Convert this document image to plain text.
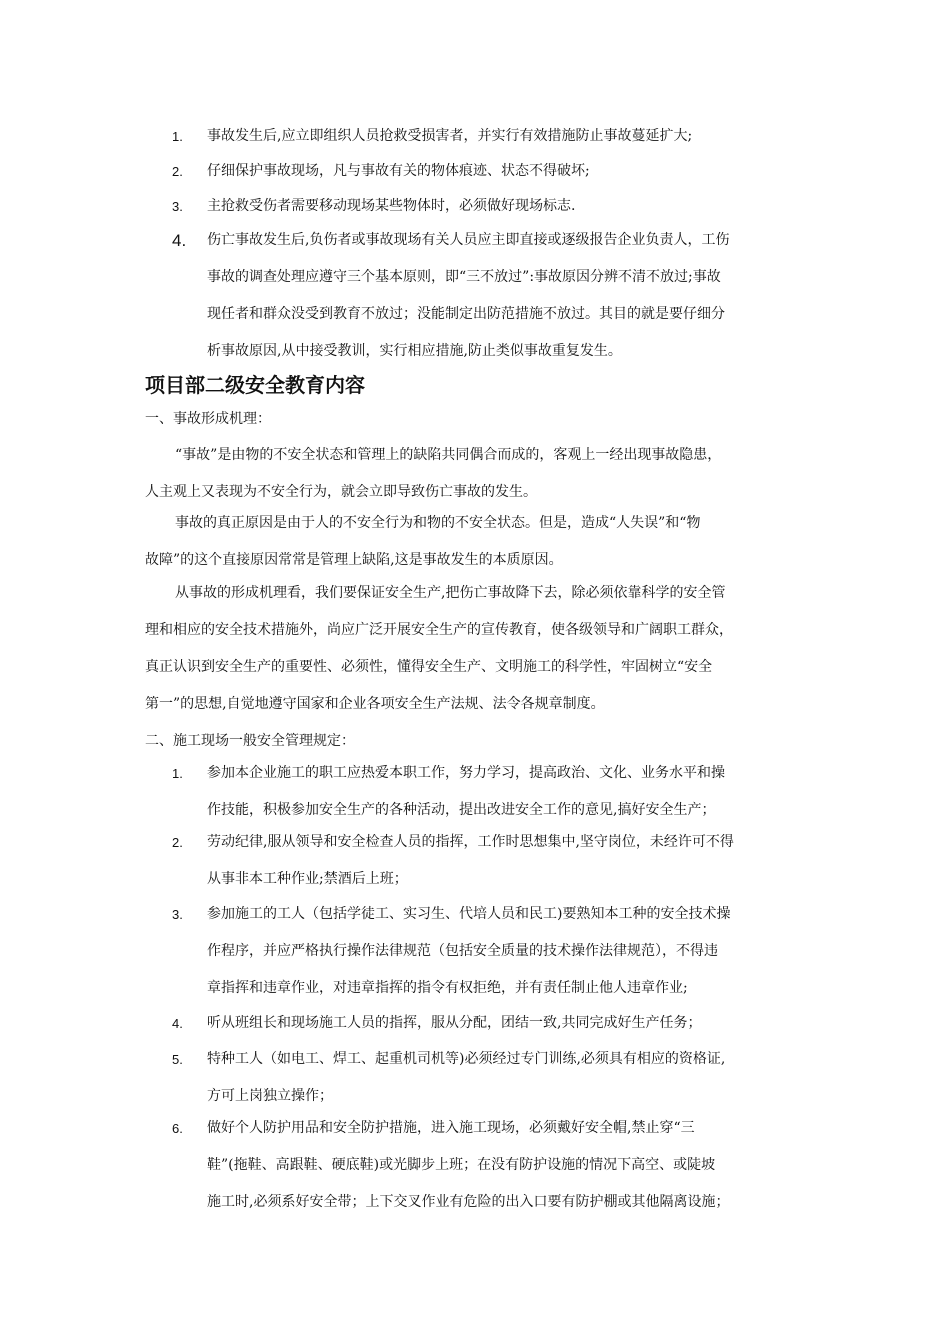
1.	事故发生后,应立即组织人员抢救受损害者，并实行有效措施防止事故蔓延扩大;
2.	仔细保护事故现场，凡与事故有关的物体痕迹、状态不得破坏;
3.	主抢救受伤者需要移动现场某些物体时，必须做好现场标志.
4.	伤亡事故发生后,负伤者或事故现场有关人员应主即直接或逐级报告企业负责人，工伤
事故的调查处理应遵守三个基本原则，即“三不放过”:事故原因分辨不清不放过;事故
现任者和群众没受到教育不放过；没能制定出防范措施不放过。其目的就是要仔细分
析事故原因,从中接受教训，实行相应措施,防止类似事故重复发生。
项目部二级安全教育内容
一、事故形成机理：
“事故”是由物的不安全状态和管理上的缺陷共同偶合而成的，客观上一经出现事故隐患，
人主观上又表现为不安全行为，就会立即导致伤亡事故的发生。
事故的真正原因是由于人的不安全行为和物的不安全状态。但是，造成“人失误”和“物
故障”的这个直接原因常常是管理上缺陷,这是事故发生的本质原因。
从事故的形成机理看，我们要保证安全生产,把伤亡事故降下去，除必须依靠科学的安全管
理和相应的安全技术措施外，尚应广泛开展安全生产的宣传教育，使各级领导和广阔职工群众，
真正认识到安全生产的重要性、必须性，懂得安全生产、文明施工的科学性，牢固树立“安全
第一”的思想,自觉地遵守国家和企业各项安全生产法规、法令各规章制度。
二、施工现场一般安全管理规定：
1.	参加本企业施工的职工应热爱本职工作，努力学习，提高政治、文化、业务水平和操
作技能，积极参加安全生产的各种活动，提出改进安全工作的意见,搞好安全生产；
2.	劳动纪律,服从领导和安全检查人员的指挥，工作时思想集中,坚守岗位，未经许可不得
从事非本工种作业;禁酒后上班；
3.	参加施工的工人（包括学徒工、实习生、代培人员和民工)要熟知本工种的安全技术操
作程序，并应严格执行操作法律规范（包括安全质量的技术操作法律规范），不得违
章指挥和违章作业，对违章指挥的指令有权拒绝，并有责任制止他人违章作业;
4.	听从班组长和现场施工人员的指挥，服从分配，团结一致,共同完成好生产任务；
5.	特种工人（如电工、焊工、起重机司机等)必须经过专门训练,必须具有相应的资格证,
方可上岗独立操作；
6.	做好个人防护用品和安全防护措施，进入施工现场，必须戴好安全帽,禁止穿“三
鞋”(拖鞋、高跟鞋、硬底鞋)或光脚步上班；在没有防护设施的情况下高空、或陡坡
施工时,必须系好安全带；上下交叉作业有危险的出入口要有防护棚或其他隔离设施；
